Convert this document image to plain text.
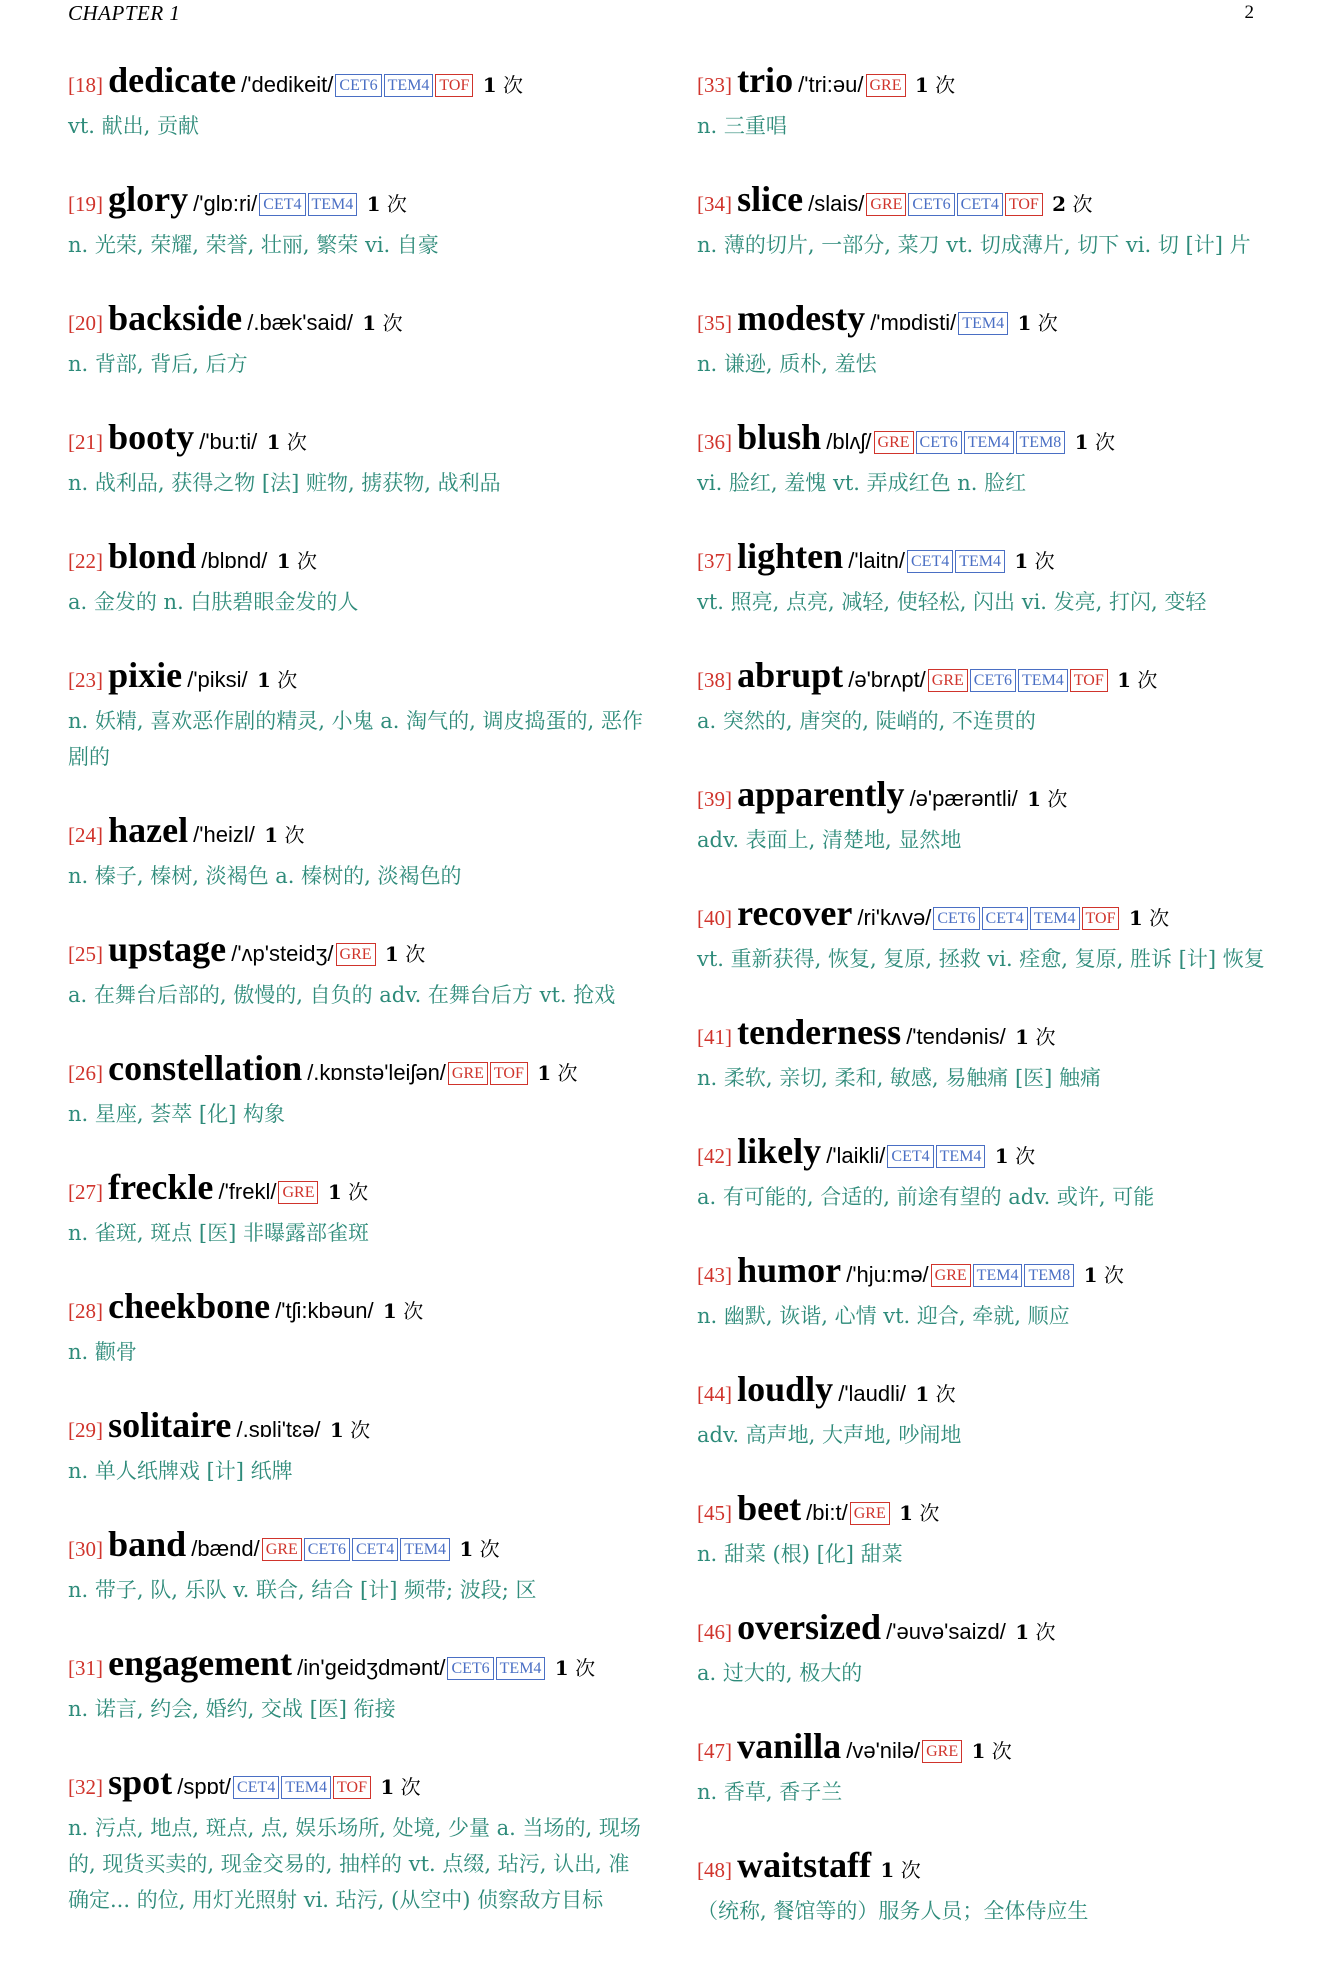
CHAPTER 1	2
[18] dedicate /'dedikeit/ CET6 TEM4 TOF 1 次
vt. 献出, 贡献
[19] glory /'glɒ:ri/ CET4 TEM4 1 次
n. 光荣, 荣耀, 荣誉, 壮丽, 繁荣 vi. 自豪
[20] backside /.bæk'said/ 1 次
n. 背部, 背后, 后方
[21] booty /'bu:ti/ 1 次
n. 战利品, 获得之物 [法] 赃物, 掳获物, 战利品
[22] blond /blɒnd/ 1 次
a. 金发的 n. 白肤碧眼金发的人
[23] pixie /'piksi/ 1 次
n. 妖精, 喜欢恶作剧的精灵, 小鬼 a. 淘气的, 调皮捣蛋的, 恶作剧的
[24] hazel /'heizl/ 1 次
n. 榛子, 榛树, 淡褐色 a. 榛树的, 淡褐色的
[25] upstage /'ʌp'steidʒ/ GRE 1 次
a. 在舞台后部的, 傲慢的, 自负的 adv. 在舞台后方 vt. 抢戏
[26] constellation /.kɒnstə'leiʃən/ GRE TOF 1 次
n. 星座, 荟萃 [化] 构象
[27] freckle /'frekl/ GRE 1 次
n. 雀斑, 斑点 [医] 非曝露部雀斑
[28] cheekbone /'tʃi:kbəun/ 1 次
n. 颧骨
[29] solitaire /.sɒli'tɛə/ 1 次
n. 单人纸牌戏 [计] 纸牌
[30] band /bænd/ GRE CET6 CET4 TEM4 1 次
n. 带子, 队, 乐队 v. 联合, 结合 [计] 频带; 波段; 区
[31] engagement /in'geidʒdmənt/ CET6 TEM4 1 次
n. 诺言, 约会, 婚约, 交战 [医] 衔接
[32] spot /spɒt/ CET4 TEM4 TOF 1 次
n. 污点, 地点, 斑点, 点, 娱乐场所, 处境, 少量 a. 当场的, 现场的, 现货买卖的, 现金交易的, 抽样的 vt. 点缀, 玷污, 认出, 准确定... 的位, 用灯光照射 vi. 玷污, (从空中) 侦察敌方目标
[33] trio /'tri:əu/ GRE 1 次
n. 三重唱
[34] slice /slais/ GRE CET6 CET4 TOF 2 次
n. 薄的切片, 一部分, 菜刀 vt. 切成薄片, 切下 vi. 切 [计] 片
[35] modesty /'mɒdisti/ TEM4 1 次
n. 谦逊, 质朴, 羞怯
[36] blush /blʌʃ/ GRE CET6 TEM4 TEM8 1 次
vi. 脸红, 羞愧 vt. 弄成红色 n. 脸红
[37] lighten /'laitn/ CET4 TEM4 1 次
vt. 照亮, 点亮, 减轻, 使轻松, 闪出 vi. 发亮, 打闪, 变轻
[38] abrupt /ə'brʌpt/ GRE CET6 TEM4 TOF 1 次
a. 突然的, 唐突的, 陡峭的, 不连贯的
[39] apparently /ə'pærəntli/ 1 次
adv. 表面上, 清楚地, 显然地
[40] recover /ri'kʌvə/ CET6 CET4 TEM4 TOF 1 次
vt. 重新获得, 恢复, 复原, 拯救 vi. 痊愈, 复原, 胜诉 [计] 恢复
[41] tenderness /'tendənis/ 1 次
n. 柔软, 亲切, 柔和, 敏感, 易触痛 [医] 触痛
[42] likely /'laikli/ CET4 TEM4 1 次
a. 有可能的, 合适的, 前途有望的 adv. 或许, 可能
[43] humor /'hju:mə/ GRE TEM4 TEM8 1 次
n. 幽默, 诙谐, 心情 vt. 迎合, 牵就, 顺应
[44] loudly /'laudli/ 1 次
adv. 高声地, 大声地, 吵闹地
[45] beet /bi:t/ GRE 1 次
n. 甜菜 (根) [化] 甜菜
[46] oversized /'əuvə'saizd/ 1 次
a. 过大的, 极大的
[47] vanilla /və'nilə/ GRE 1 次
n. 香草, 香子兰
[48] waitstaff 1 次
（统称, 餐馆等的）服务人员；全体侍应生
